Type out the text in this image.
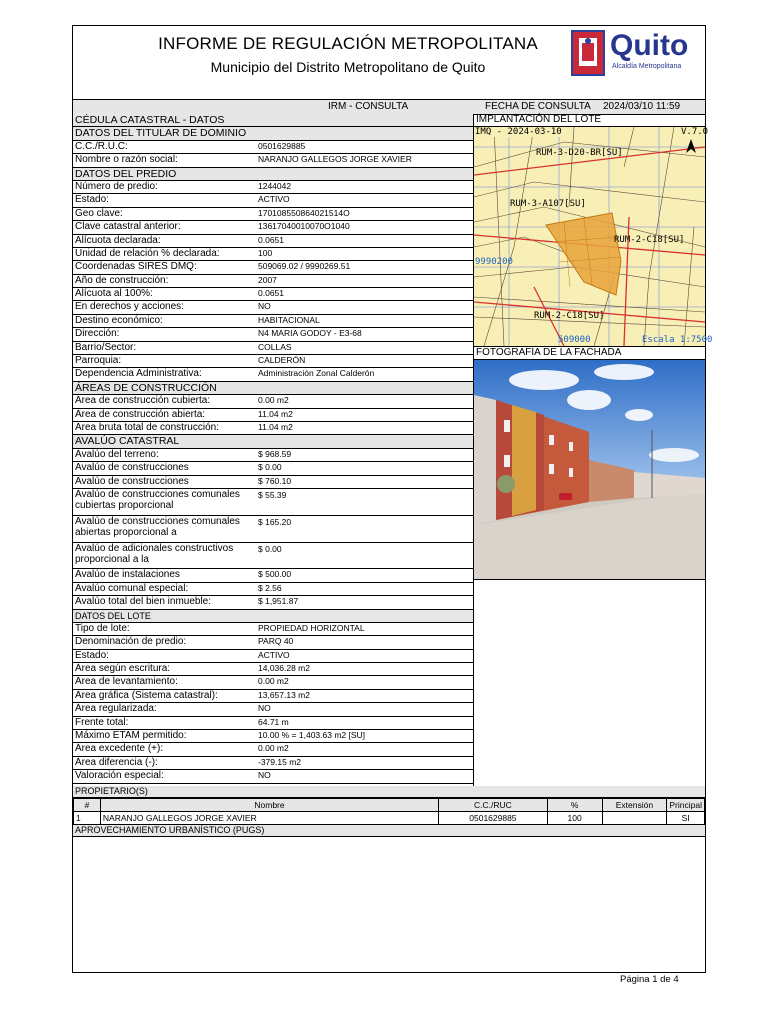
INFORME DE REGULACIÓN METROPOLITANA
Municipio del Distrito Metropolitano de Quito
Quito
Alcaldía Metropolitana
IRM - CONSULTA	FECHA DE CONSULTA 2024/03/10 11:59
CÉDULA CATASTRAL - DATOS
DATOS DEL TITULAR DE DOMINIO
C.C./R.U.C:	0501629885
Nombre o razón social:	NARANJO GALLEGOS JORGE XAVIER
DATOS DEL PREDIO
Número de predio:	1244042
Estado:	ACTIVO
Geo clave:	170108550864021514O
Clave catastral anterior:	13617040010070O1040
Alícuota declarada:	0.0651
Unidad de relación % declarada:	100
Coordenadas SIRES DMQ:	509069.02 / 9990269.51
Año de construcción:	2007
Alícuota al 100%:	0.0651
En derechos y acciones:	NO
Destino económico:	HABITACIONAL
Dirección:	N4 MARIA GODOY - E3-68
Barrio/Sector:	COLLAS
Parroquia:	CALDERÓN
Dependencia Administrativa:	Administración Zonal Calderón
ÁREAS DE CONSTRUCCIÓN
Área de construcción cubierta:	0.00 m2
Área de construcción abierta:	11.04 m2
Área bruta total de construcción:	11.04 m2
AVALÚO CATASTRAL
Avalúo del terreno:	$ 968.59
Avalúo de construcciones	$ 0.00
Avalúo de construcciones	$ 760.10
Avalúo de construcciones comunales cubiertas proporcional
$ 55.39
Avalúo de construcciones comunales abiertas proporcional a
$ 165.20
Avalúo de adicionales constructivos proporcional a la
$ 0.00
Avalúo de instalaciones	$ 500.00
Avalúo comunal especial:	$ 2.56
Avalúo total del bien inmueble:	$ 1,951.87
DATOS DEL LOTE
Tipo de lote:	PROPIEDAD HORIZONTAL
Denominación de predio:	PARQ 40
Estado:	ACTIVO
Área según escritura:	14,036.28 m2
Área de levantamiento:	0.00 m2
Área gráfica (Sistema catastral):	13,657.13 m2
Área regularizada:	NO
Frente total:	64.71 m
Máximo ETAM permitido:	10.00 % = 1,403.63 m2 [SU]
Área excedente (+):	0.00 m2
Área diferencia (-):	-379.15 m2
Valoración especial:	NO
IMPLANTACIÓN DEL LOTE
IMQ - 2024-03-10	V.7.0
RUM-3-D20-BR[SU]
RUM-3-A107[SU]
RUM-2-C18[SU]
RUM-2-C18[SU]
9990200
509000	Escala 1:7500
FOTOGRAFÍA DE LA FACHADA
PROPIETARIO(S)
#	Nombre	C.C./RUC	%	Extensión	Principal
1	NARANJO GALLEGOS JORGE XAVIER	0501629885	100		SI
APROVECHAMIENTO URBANÍSTICO (PUGS)
Página 1 de 4
